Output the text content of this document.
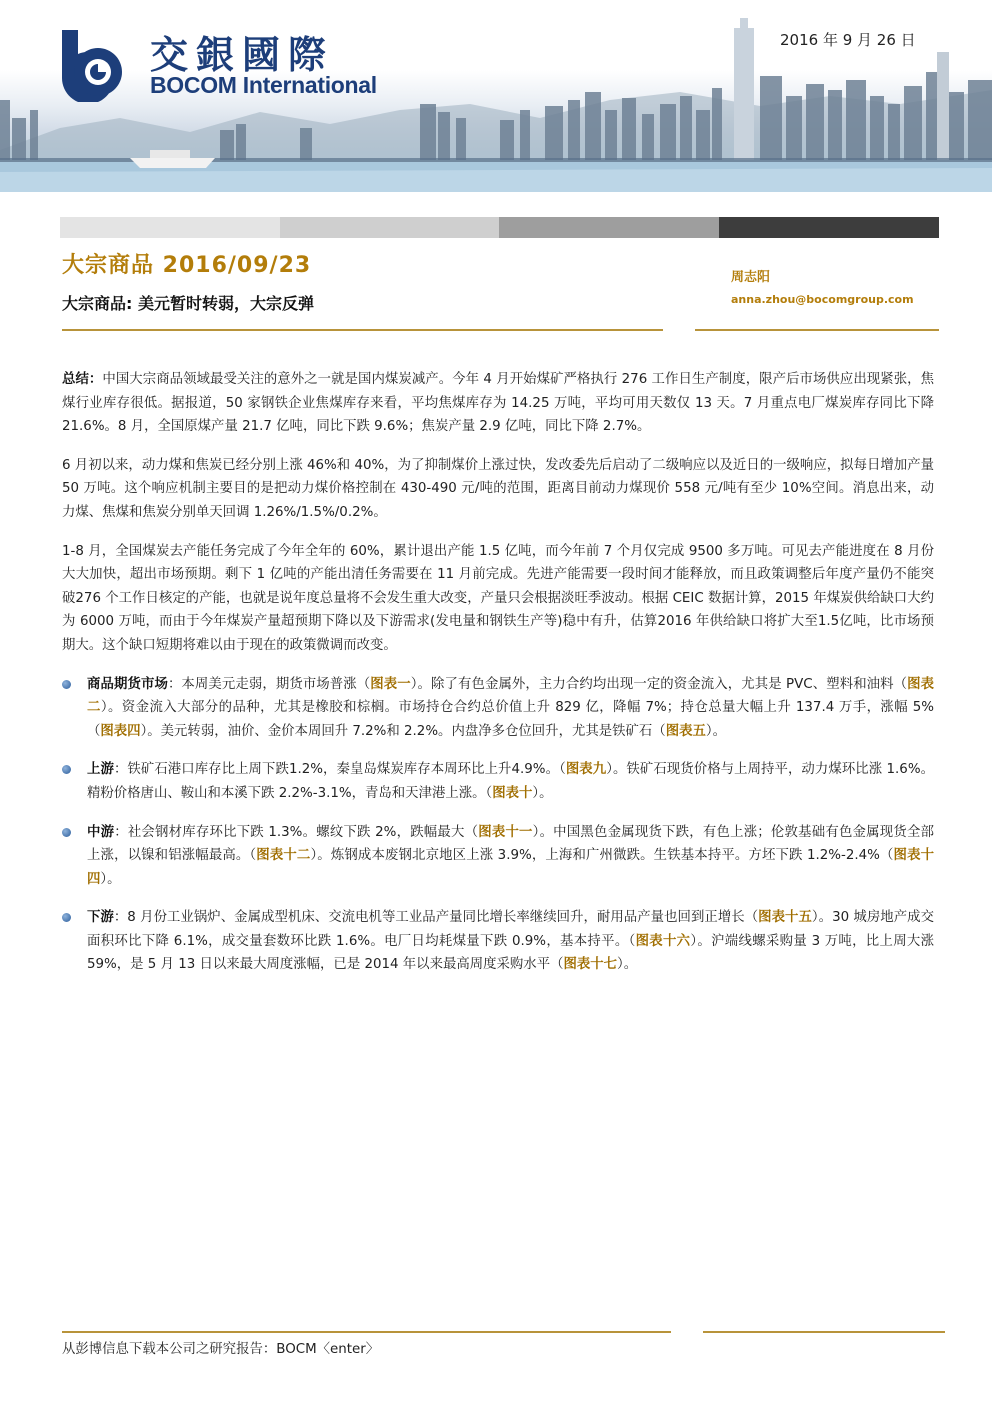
交銀國際
BOCOM International
2016 年 9 月 26 日
大宗商品 2016/09/23
大宗商品: 美元暂时转弱，大宗反弹
周志阳
anna.zhou@bocomgroup.com

总结：中国大宗商品领域最受关注的意外之一就是国内煤炭减产。今年 4 月开始煤矿严格执行 276 工作日生产制度，限产后市场供应出现紧张，焦煤行业库存很低。据报道，50 家钢铁企业焦煤库存来看，平均焦煤库存为 14.25 万吨，平均可用天数仅 13 天。7 月重点电厂煤炭库存同比下降 21.6%。8 月，全国原煤产量 21.7 亿吨，同比下跌 9.6%；焦炭产量 2.9 亿吨，同比下降 2.7%。

6 月初以来，动力煤和焦炭已经分别上涨 46%和 40%，为了抑制煤价上涨过快，发改委先后启动了二级响应以及近日的一级响应，拟每日增加产量 50 万吨。这个响应机制主要目的是把动力煤价格控制在 430-490 元/吨的范围，距离目前动力煤现价 558 元/吨有至少 10%空间。消息出来，动力煤、焦煤和焦炭分别单天回调 1.26%/1.5%/0.2%。

1-8 月，全国煤炭去产能任务完成了今年全年的 60%，累计退出产能 1.5 亿吨，而今年前 7 个月仅完成 9500 多万吨。可见去产能进度在 8 月份大大加快，超出市场预期。剩下 1 亿吨的产能出清任务需要在 11 月前完成。先进产能需要一段时间才能释放，而且政策调整后年度产量仍不能突破276 个工作日核定的产能，也就是说年度总量将不会发生重大改变，产量只会根据淡旺季波动。根据 CEIC 数据计算，2015 年煤炭供给缺口大约为 6000 万吨，而由于今年煤炭产量超预期下降以及下游需求(发电量和钢铁生产等)稳中有升，估算2016 年供给缺口将扩大至1.5亿吨，比市场预期大。这个缺口短期将难以由于现在的政策微调而改变。

商品期货市场：本周美元走弱，期货市场普涨（图表一）。除了有色金属外，主力合约均出现一定的资金流入，尤其是 PVC、塑料和油料（图表二）。资金流入大部分的品种，尤其是橡胶和棕榈。市场持仓合约总价值上升 829 亿，降幅 7%；持仓总量大幅上升 137.4 万手，涨幅 5%（图表四）。美元转弱，油价、金价本周回升 7.2%和 2.2%。内盘净多仓位回升，尤其是铁矿石（图表五）。

上游：铁矿石港口库存比上周下跌1.2%，秦皇岛煤炭库存本周环比上升4.9%。（图表九）。铁矿石现货价格与上周持平，动力煤环比涨 1.6%。精粉价格唐山、鞍山和本溪下跌 2.2%-3.1%，青岛和天津港上涨。（图表十）。

中游：社会钢材库存环比下跌 1.3%。螺纹下跌 2%，跌幅最大（图表十一）。中国黑色金属现货下跌，有色上涨；伦敦基础有色金属现货全部上涨，以镍和铝涨幅最高。（图表十二）。炼钢成本废钢北京地区上涨 3.9%，上海和广州微跌。生铁基本持平。方坯下跌 1.2%-2.4%（图表十四）。

下游：8 月份工业锅炉、金属成型机床、交流电机等工业品产量同比增长率继续回升，耐用品产量也回到正增长（图表十五）。30 城房地产成交面积环比下降 6.1%，成交量套数环比跌 1.6%。电厂日均耗煤量下跌 0.9%，基本持平。（图表十六）。沪端线螺采购量 3 万吨，比上周大涨 59%，是 5 月 13 日以来最大周度涨幅，已是 2014 年以来最高周度采购水平（图表十七）。

从彭博信息下载本公司之研究报告：BOCM〈enter〉
